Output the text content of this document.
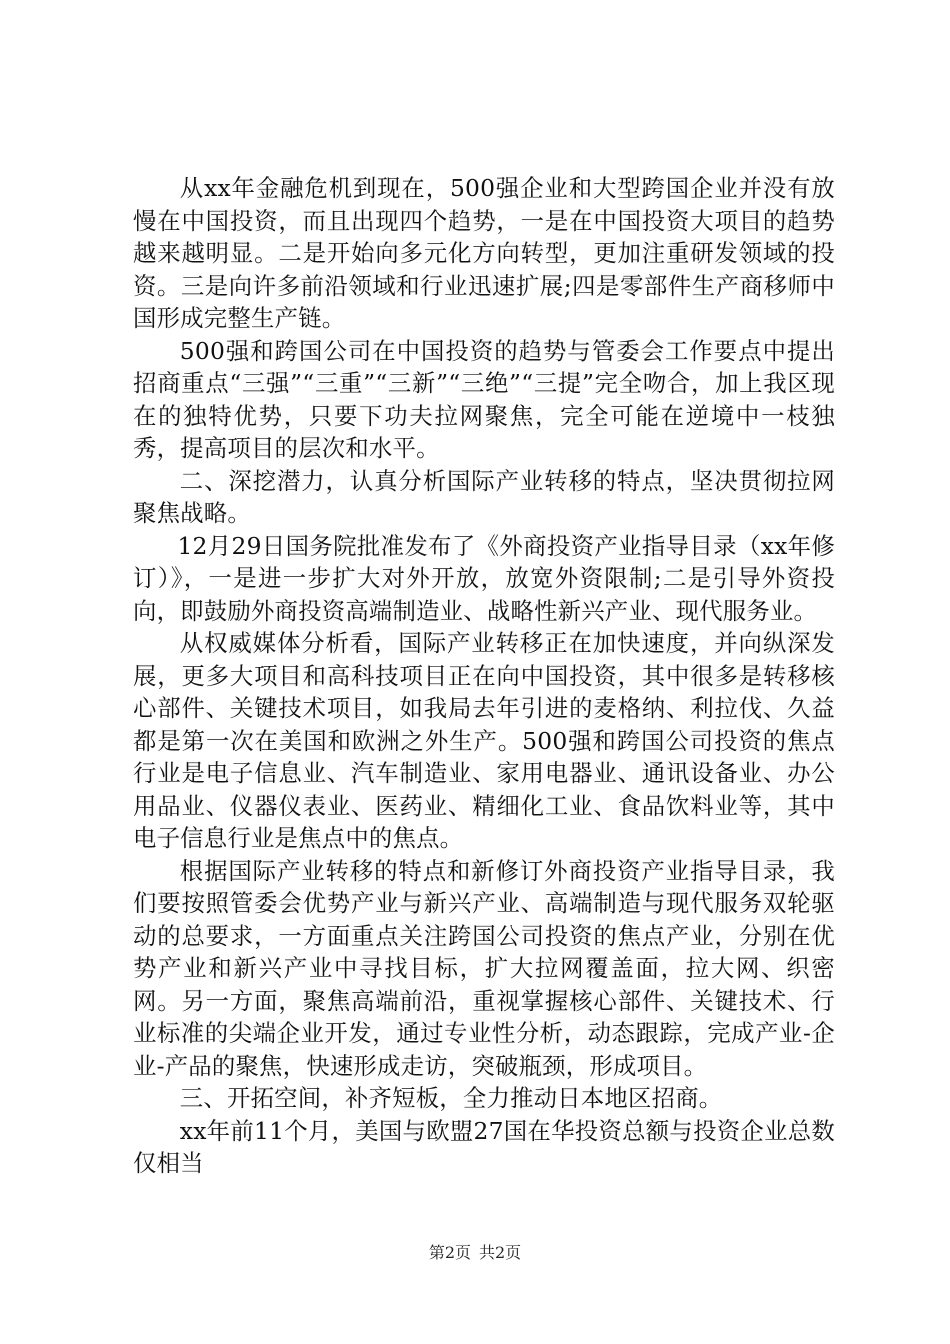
从xx年金融危机到现在，500强企业和大型跨国企业并没有放慢在中国投资，而且出现四个趋势，一是在中国投资大项目的趋势越来越明显。二是开始向多元化方向转型，更加注重研发领域的投资。三是向许多前沿领域和行业迅速扩展;四是零部件生产商移师中国形成完整生产链。

500强和跨国公司在中国投资的趋势与管委会工作要点中提出招商重点“三强”“三重”“三新”“三绝”“三提”完全吻合，加上我区现在的独特优势，只要下功夫拉网聚焦，完全可能在逆境中一枝独秀，提高项目的层次和水平。

二、深挖潜力，认真分析国际产业转移的特点，坚决贯彻拉网聚焦战略。

12月29日国务院批准发布了《外商投资产业指导目录（xx年修订）》，一是进一步扩大对外开放，放宽外资限制;二是引导外资投向，即鼓励外商投资高端制造业、战略性新兴产业、现代服务业。

从权威媒体分析看，国际产业转移正在加快速度，并向纵深发展，更多大项目和高科技项目正在向中国投资，其中很多是转移核心部件、关键技术项目，如我局去年引进的麦格纳、利拉伐、久益都是第一次在美国和欧洲之外生产。500强和跨国公司投资的焦点行业是电子信息业、汽车制造业、家用电器业、通讯设备业、办公用品业、仪器仪表业、医药业、精细化工业、食品饮料业等，其中电子信息行业是焦点中的焦点。

根据国际产业转移的特点和新修订外商投资产业指导目录，我们要按照管委会优势产业与新兴产业、高端制造与现代服务双轮驱动的总要求，一方面重点关注跨国公司投资的焦点产业，分别在优势产业和新兴产业中寻找目标，扩大拉网覆盖面，拉大网、织密网。另一方面，聚焦高端前沿，重视掌握核心部件、关键技术、行业标准的尖端企业开发，通过专业性分析，动态跟踪，完成产业-企业-产品的聚焦，快速形成走访，突破瓶颈，形成项目。

三、开拓空间，补齐短板，全力推动日本地区招商。

xx年前11个月，美国与欧盟27国在华投资总额与投资企业总数仅相当

第2页 共2页
